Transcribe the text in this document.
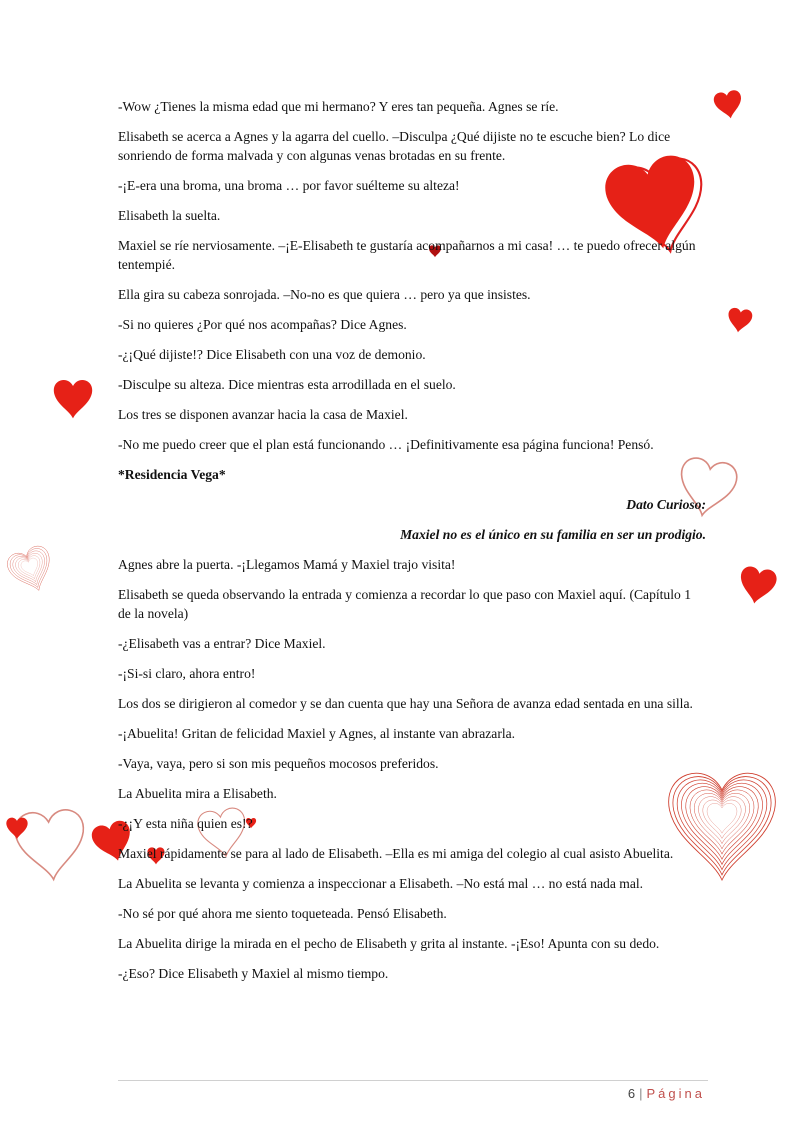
-Wow ¿Tienes la misma edad que mi hermano? Y eres tan pequeña. Agnes se ríe.

Elisabeth se acerca a Agnes y la agarra del cuello. –Disculpa ¿Qué dijiste no te escuche bien? Lo dice sonriendo de forma malvada y con algunas venas brotadas en su frente.

-¡E-era una broma, una broma … por favor suélteme su alteza!

Elisabeth la suelta.

Maxiel se ríe nerviosamente. –¡E-Elisabeth te gustaría acompañarnos a mi casa! … te puedo ofrecer algún tentempié.

Ella gira su cabeza sonrojada. –No-no es que quiera … pero ya que insistes.

-Si no quieres ¿Por qué nos acompañas? Dice Agnes.

-¿¡Qué dijiste!? Dice Elisabeth con una voz de demonio.

-Disculpe su alteza. Dice mientras esta arrodillada en el suelo.

Los tres se disponen avanzar hacia la casa de Maxiel.

-No me puedo creer que el plan está funcionando … ¡Definitivamente esa página funciona! Pensó.

*Residencia Vega*

Dato Curioso:

Maxiel no es el único en su familia en ser un prodigio.

Agnes abre la puerta. -¡Llegamos Mamá y Maxiel trajo visita!

Elisabeth se queda observando la entrada y comienza a recordar lo que paso con Maxiel aquí. (Capítulo 1 de la novela)

-¿Elisabeth vas a entrar? Dice Maxiel.

-¡Si-si claro, ahora entro!

Los dos se dirigieron al comedor y se dan cuenta que hay una Señora de avanza edad sentada en una silla.

-¡Abuelita! Gritan de felicidad Maxiel y Agnes, al instante van abrazarla.

-Vaya, vaya, pero si son mis pequeños mocosos preferidos.

La Abuelita mira a Elisabeth.

-¿¡Y esta niña quien es!?

Maxiel rápidamente se para al lado de Elisabeth. –Ella es mi amiga del colegio al cual asisto Abuelita.

La Abuelita se levanta y comienza a inspeccionar a Elisabeth. –No está mal … no está nada mal.

-No sé por qué ahora me siento toqueteada. Pensó Elisabeth.

La Abuelita dirige la mirada en el pecho de Elisabeth y grita al instante. -¡Eso! Apunta con su dedo.

-¿Eso? Dice Elisabeth y Maxiel al mismo tiempo.

6 | Página
